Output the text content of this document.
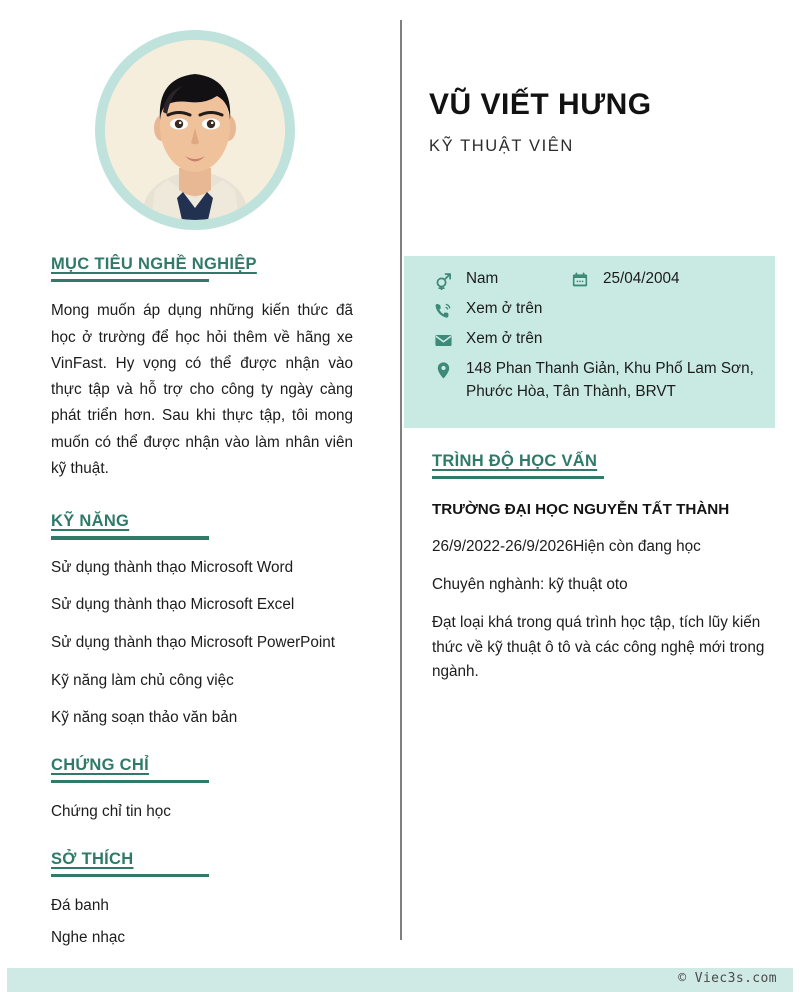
MỤC TIÊU NGHỀ NGHIỆP
Mong muốn áp dụng những kiến thức đã học ở trường để học hỏi thêm về hãng xe VinFast. Hy vọng có thể được nhận vào thực tập và hỗ trợ cho công ty ngày càng phát triển hơn. Sau khi thực tập, tôi mong muốn có thể được nhận vào làm nhân viên kỹ thuật.
KỸ NĂNG
Sử dụng thành thạo Microsoft Word
Sử dụng thành thạo Microsoft Excel
Sử dụng thành thạo Microsoft PowerPoint
Kỹ năng làm chủ công việc
Kỹ năng soạn thảo văn bản
CHỨNG CHỈ
Chứng chỉ tin học
SỞ THÍCH
Đá banh
Nghe nhạc
VŨ VIẾT HƯNG
KỸ THUẬT VIÊN
Nam	25/04/2004
Xem ở trên
Xem ở trên
148 Phan Thanh Giản, Khu Phố Lam Sơn, Phước Hòa, Tân Thành, BRVT
TRÌNH ĐỘ HỌC VẤN
TRƯỜNG ĐẠI HỌC NGUYỄN TẤT THÀNH
26/9/2022-26/9/2026Hiện còn đang học
Chuyên nghành: kỹ thuật oto
Đạt loại khá trong quá trình học tập, tích lũy kiến thức về kỹ thuật ô tô và các công nghệ mới trong ngành.
© Viec3s.com
